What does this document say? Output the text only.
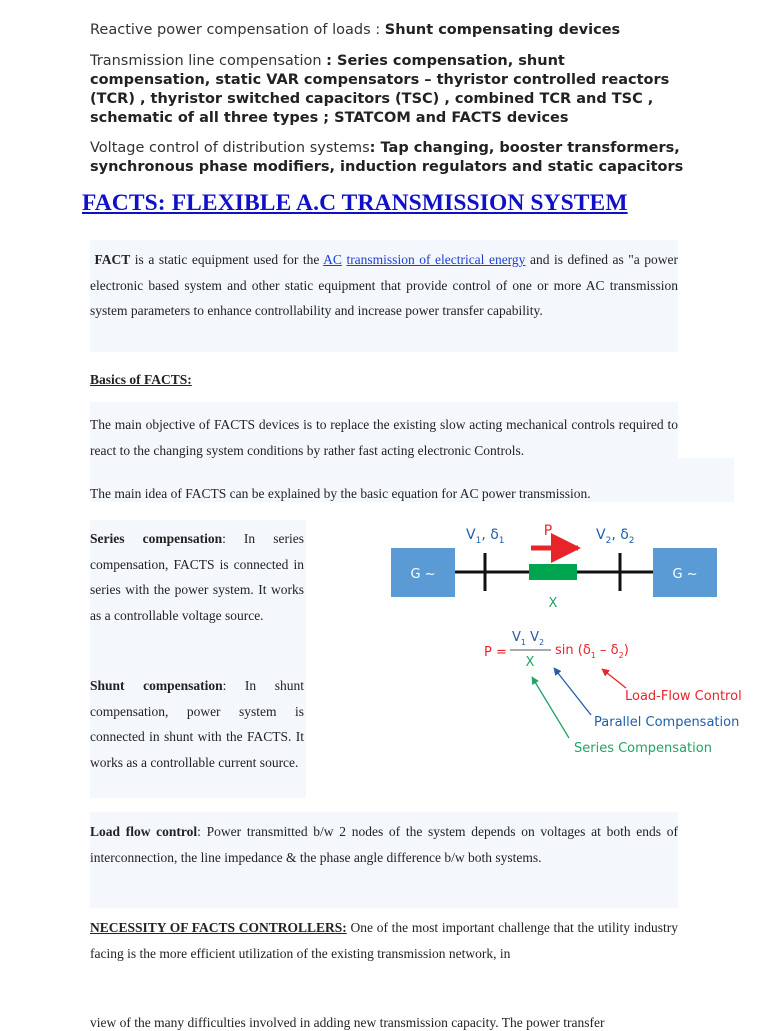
Reactive power compensation of loads : Shunt compensating devices
Transmission line compensation : Series compensation, shunt compensation, static VAR compensators – thyristor controlled reactors (TCR) , thyristor switched capacitors (TSC) , combined TCR and TSC , schematic of all three types ; STATCOM and FACTS devices
Voltage control of distribution systems: Tap changing, booster transformers, synchronous phase modifiers, induction regulators and static capacitors
FACTS: FLEXIBLE A.C TRANSMISSION SYSTEM
FACT is a static equipment used for the AC transmission of electrical energy and is defined as "a power electronic based system and other static equipment that provide control of one or more AC transmission system parameters to enhance controllability and increase power transfer capability.
Basics of FACTS:
The main objective of FACTS devices is to replace the existing slow acting mechanical controls required to react to the changing system conditions by rather fast acting electronic Controls.
The main idea of FACTS can be explained by the basic equation for AC power transmission.
Series compensation: In series compensation, FACTS is connected in series with the power system. It works as a controllable voltage source.
Shunt compensation: In shunt compensation, power system is connected in shunt with the FACTS. It works as a controllable current source.
G ~	G ~
$V_1$, $\delta_1$
P	$V_2$, $\delta_2$
X
P =
$V_1$ $V_2$
X
$\sin (\delta_1 - \delta_2)$
Load-Flow Control
Parallel Compensation
Series Compensation
Load flow control: Power transmitted b/w 2 nodes of the system depends on voltages at both ends of interconnection, the line impedance & the phase angle difference b/w both systems.
NECESSITY OF FACTS CONTROLLERS: One of the most important challenge that the utility industry facing is the more efficient utilization of the existing transmission network, in
view of the many difficulties involved in adding new transmission capacity. The power transfer
